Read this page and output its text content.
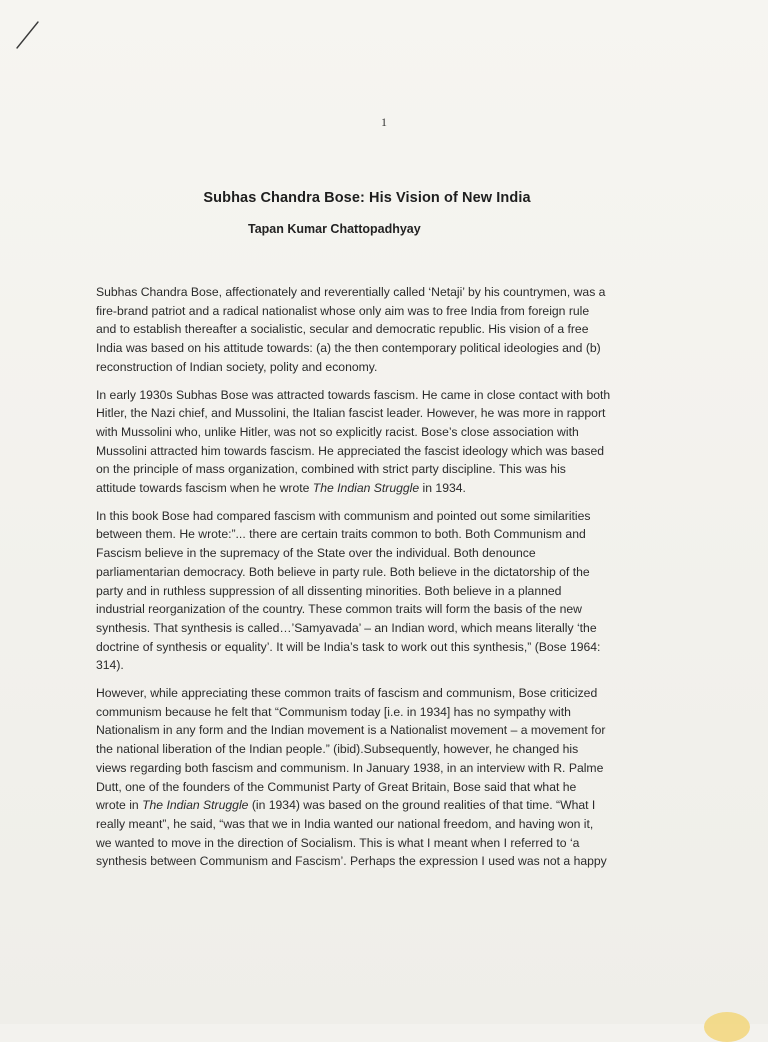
1
Subhas Chandra Bose: His Vision of New India
Tapan Kumar Chattopadhyay
Subhas Chandra Bose, affectionately and reverentially called ‘Netaji’ by his countrymen, was a
fire-brand patriot and a radical nationalist whose only aim was to free India from foreign rule
and to establish thereafter a socialistic, secular and democratic republic. His vision of a free
India was based on his attitude towards: (a) the then contemporary political ideologies and (b)
reconstruction of Indian society, polity and economy.
In early 1930s Subhas Bose was attracted towards fascism. He came in close contact with both
Hitler, the Nazi chief, and Mussolini, the Italian fascist leader. However, he was more in rapport
with Mussolini who, unlike Hitler, was not so explicitly racist. Bose’s close association with
Mussolini attracted him towards fascism. He appreciated the fascist ideology which was based
on the principle of mass organization, combined with strict party discipline. This was his
attitude towards fascism when he wrote The Indian Struggle in 1934.
In this book Bose had compared fascism with communism and pointed out some similarities
between them. He wrote:”... there are certain traits common to both. Both Communism and
Fascism believe in the supremacy of the State over the individual. Both denounce
parliamentarian democracy. Both believe in party rule. Both believe in the dictatorship of the
party and in ruthless suppression of all dissenting minorities. Both believe in a planned
industrial reorganization of the country. These common traits will form the basis of the new
synthesis. That synthesis is called…’Samyavada’ – an Indian word, which means literally ‘the
doctrine of synthesis or equality’. It will be India’s task to work out this synthesis,” (Bose 1964:
314).
However, while appreciating these common traits of fascism and communism, Bose criticized
communism because he felt that “Communism today [i.e. in 1934] has no sympathy with
Nationalism in any form and the Indian movement is a Nationalist movement – a movement for
the national liberation of the Indian people.” (ibid).Subsequently, however, he changed his
views regarding both fascism and communism. In January 1938, in an interview with R. Palme
Dutt, one of the founders of the Communist Party of Great Britain, Bose said that what he
wrote in The Indian Struggle (in 1934) was based on the ground realities of that time. “What I
really meant”, he said, “was that we in India wanted our national freedom, and having won it,
we wanted to move in the direction of Socialism. This is what I meant when I referred to ‘a
synthesis between Communism and Fascism’. Perhaps the expression I used was not a happy
